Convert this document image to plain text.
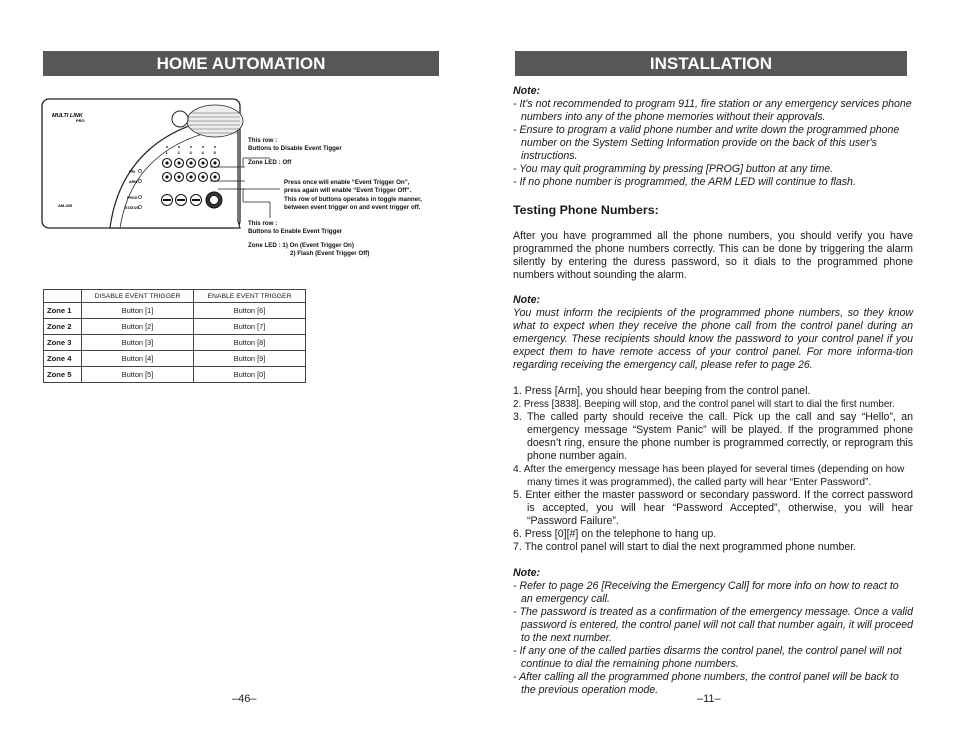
HOME AUTOMATION
MULTI LINK
PRO
AM-405
PRI
ARM
PROG
STATUS
1 2 3 4 5
This row :
Buttons to Disable Event Tigger
Zone LED : Off
Press once will enable “Event Trigger On”,
press again will enable “Event Trigger Off”.
This row of buttons operates in toggle manner,
between event trigger on and event trigger off.
This row :
Buttons to Enable Event Trigger
Zone LED : 1) On (Event Trigger On)
2) Flash (Event Trigger Off)
	DISABLE EVENT TRIGGER	ENABLE EVENT TRIGGER
Zone 1	Button [1]	Button [6]
Zone 2	Button [2]	Button [7]
Zone 3	Button [3]	Button [8]
Zone 4	Button [4]	Button [9]
Zone 5	Button [5]	Button [0]
–46–
INSTALLATION
Note:
- It's not recommended to program 911, fire station or any emergency services phone numbers into any of the phone memories without their approvals.
- Ensure to program a valid phone number and write down the programmed phone number on the System Setting Information provide on the back of this user's instructions.
- You may quit programming by pressing [PROG] button at any time.
- If no phone number is programmed, the ARM LED will continue to flash.
Testing Phone Numbers:
After you have programmed all the phone numbers, you should verify you have programmed the phone numbers correctly. This can be done by triggering the alarm silently by entering the duress password, so it dials to the programmed phone numbers without sounding the alarm.
Note:
You must inform the recipients of the programmed phone numbers, so they know what to expect when they receive the phone call from the control panel during an emergency. These recipients should know the password to your control panel if you expect them to have remote access of your control panel. For more informa-tion regarding receiving the emergency call, please refer to page 26.
1. Press [Arm], you should hear beeping from the control panel.
2. Press [3838]. Beeping will stop, and the control panel will start to dial the first number.
3. The called party should receive the call. Pick up the call and say “Hello”, an emergency message “System Panic” will be played. If the programmed phone doesn’t ring, ensure the phone number is programmed correctly, or reprogram this phone number again.
4. After the emergency message has been played for several times (depending on how many times it was programmed), the called party will hear “Enter Password”.
5. Enter either the master password or secondary password. If the correct password is accepted, you will hear “Password Accepted”, otherwise, you will hear “Password Failure”.
6. Press [0][#] on the telephone to hang up.
7. The control panel will start to dial the next programmed phone number.
Note:
- Refer to page 26 [Receiving the Emergency Call] for more info on how to react to an emergency call.
- The password is treated as a confirmation of the emergency message. Once a valid password is entered, the control panel will not call that number again, it will proceed to the next number.
- If any one of the called parties disarms the control panel, the control panel will not continue to dial the remaining phone numbers.
- After calling all the programmed phone numbers, the control panel will be back to the previous operation mode.
–11–
